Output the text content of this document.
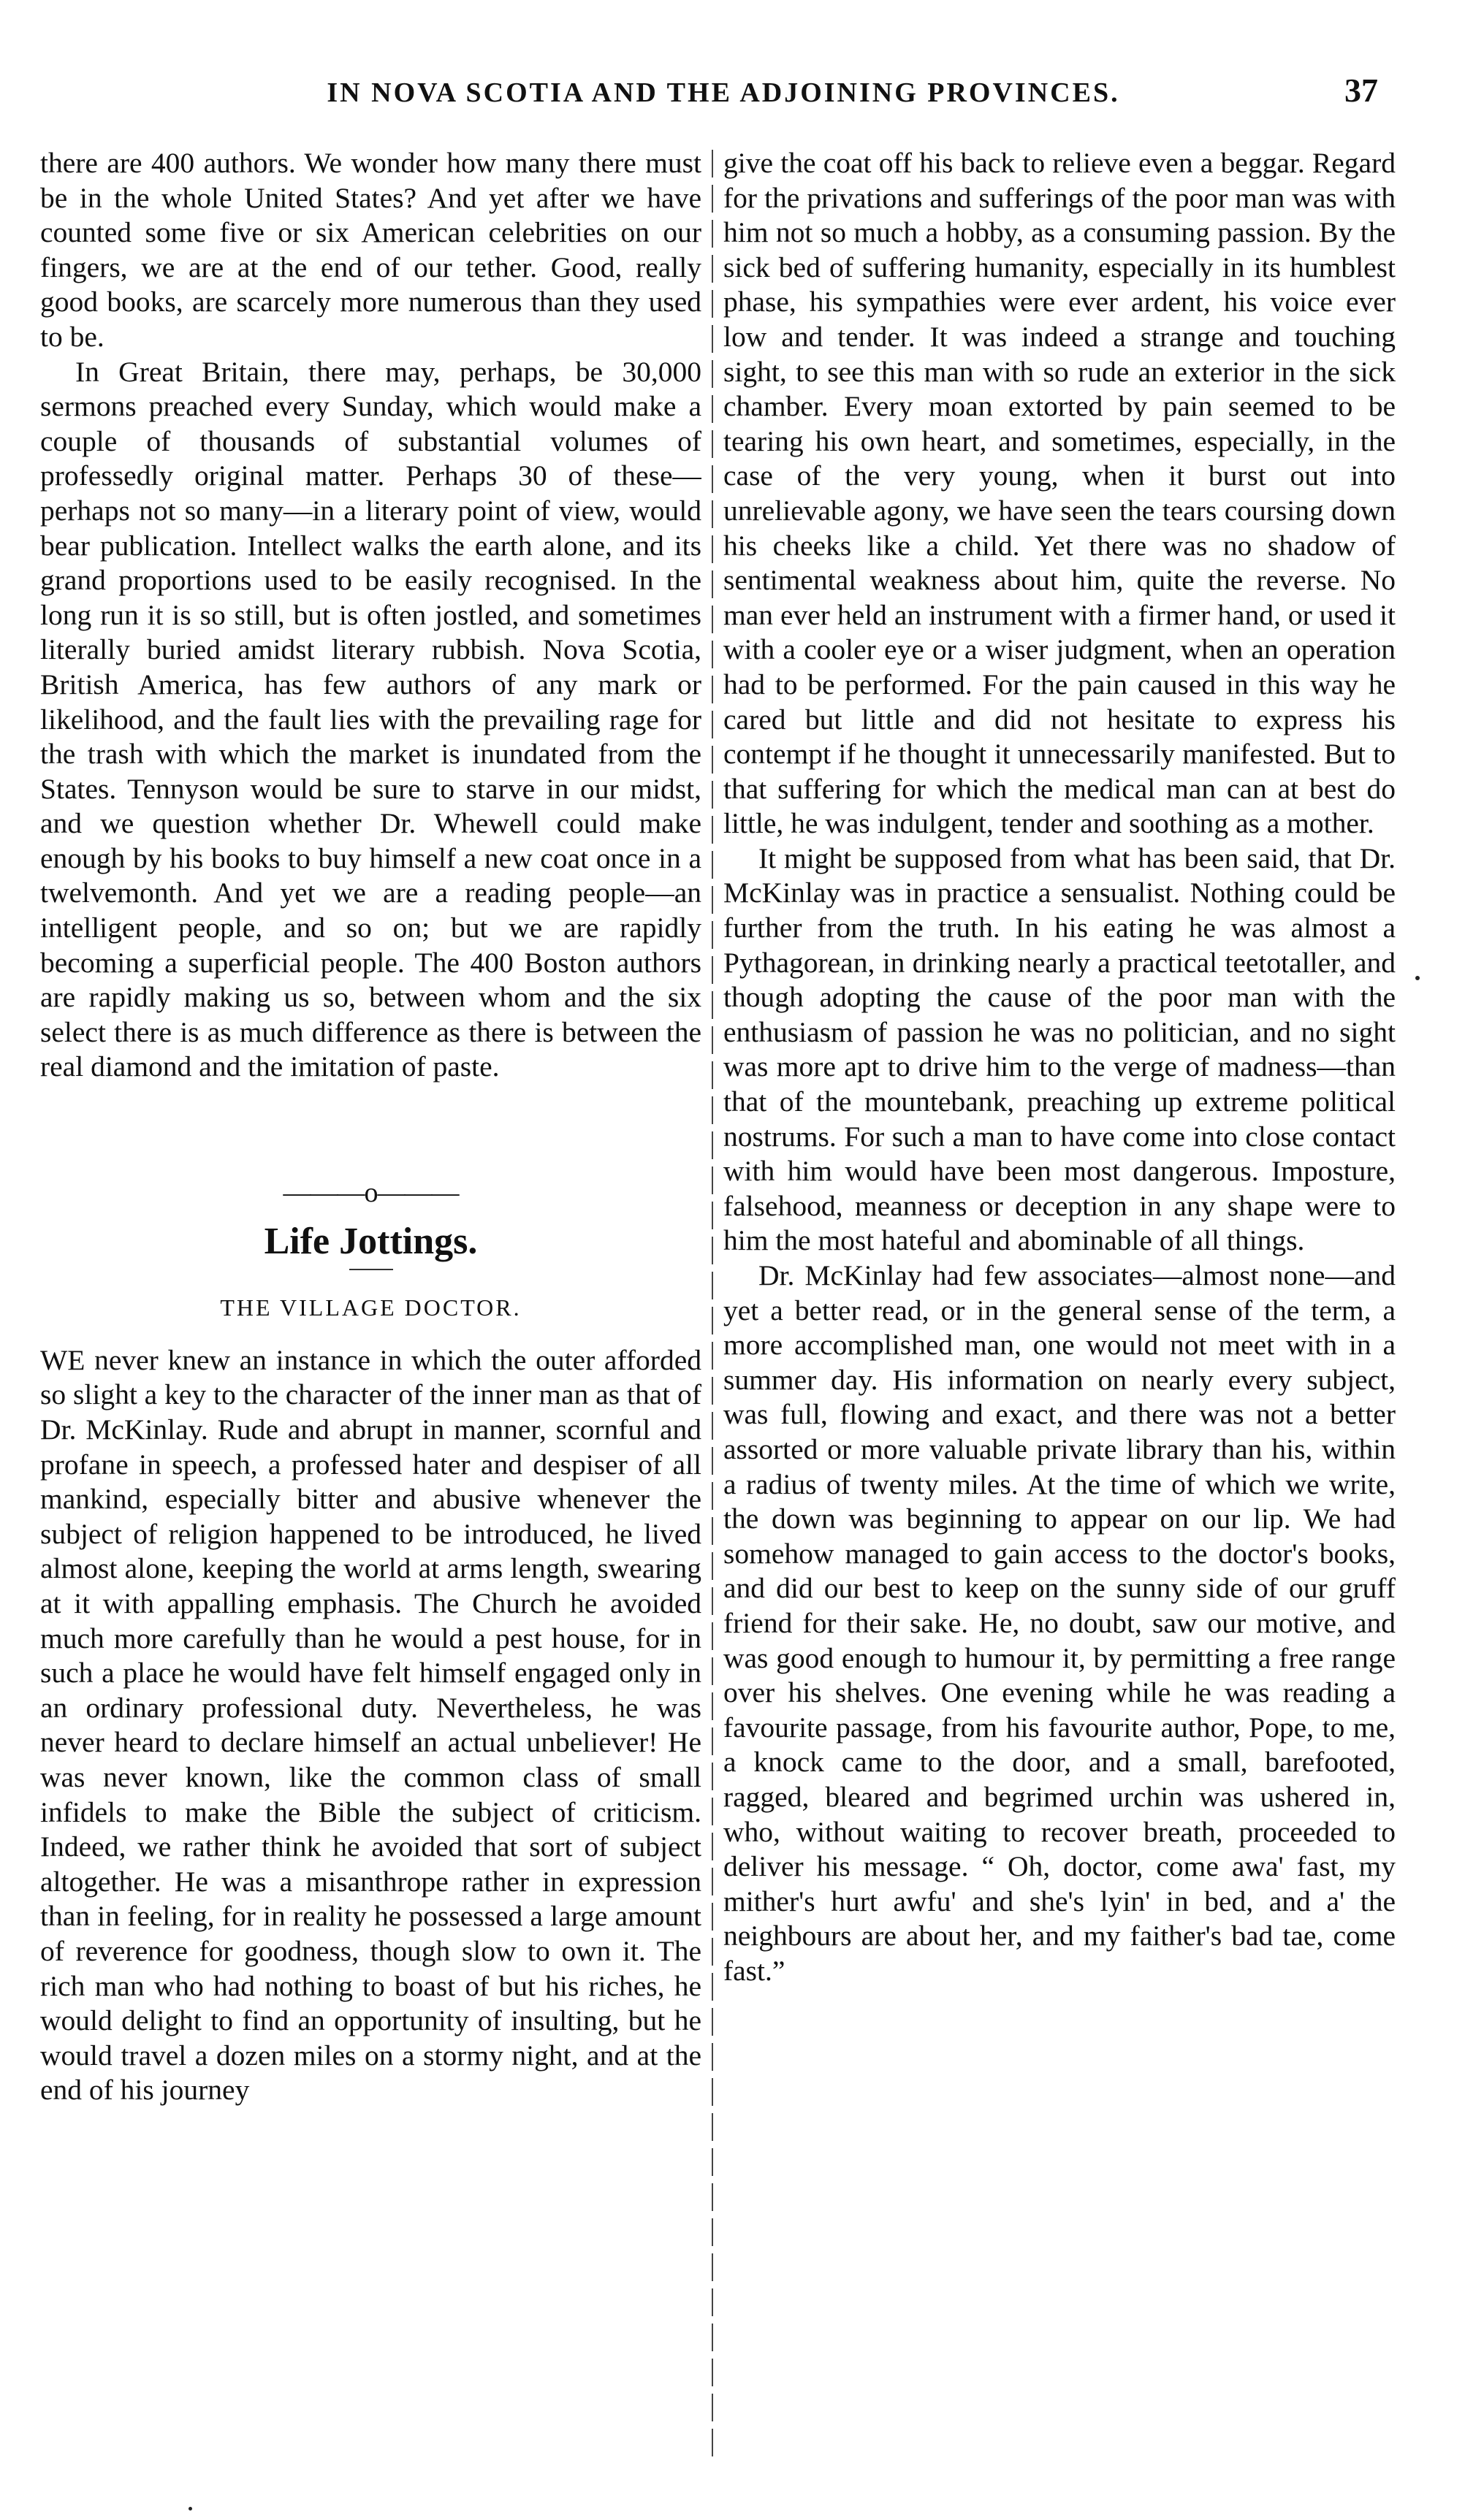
IN NOVA SCOTIA AND THE ADJOINING PROVINCES.	37

there are 400 authors. We wonder how many there must be in the whole United States? And yet after we have counted some five or six American celebrities on our fingers, we are at the end of our tether. Good, really good books, are scarcely more numerous than they used to be.

In Great Britain, there may, perhaps, be 30,000 sermons preached every Sunday, which would make a couple of thousands of substantial volumes of professedly original matter. Perhaps 30 of these—perhaps not so many—in a literary point of view, would bear publication. Intellect walks the earth alone, and its grand proportions used to be easily recognised. In the long run it is so still, but is often jostled, and sometimes literally buried amidst literary rubbish. Nova Scotia, British America, has few authors of any mark or likelihood, and the fault lies with the prevailing rage for the trash with which the market is inundated from the States. Tennyson would be sure to starve in our midst, and we question whether Dr. Whewell could make enough by his books to buy himself a new coat once in a twelvemonth. And yet we are a reading people—an intelligent people, and so on; but we are rapidly becoming a superficial people. The 400 Boston authors are rapidly making us so, between whom and the six select there is as much difference as there is between the real diamond and the imitation of paste.

———o———
Life Jottings.
THE VILLAGE DOCTOR.

WE never knew an instance in which the outer afforded so slight a key to the character of the inner man as that of Dr. McKinlay. Rude and abrupt in manner, scornful and profane in speech, a professed hater and despiser of all mankind, especially bitter and abusive whenever the subject of religion happened to be introduced, he lived almost alone, keeping the world at arms length, swearing at it with appalling emphasis. The Church he avoided much more carefully than he would a pest house, for in such a place he would have felt himself engaged only in an ordinary professional duty. Nevertheless, he was never heard to declare himself an actual unbeliever! He was never known, like the common class of small infidels to make the Bible the subject of criticism. Indeed, we rather think he avoided that sort of subject altogether. He was a misanthrope rather in expression than in feeling, for in reality he possessed a large amount of reverence for goodness, though slow to own it. The rich man who had nothing to boast of but his riches, he would delight to find an opportunity of insulting, but he would travel a dozen miles on a stormy night, and at the end of his journey

give the coat off his back to relieve even a beggar. Regard for the privations and sufferings of the poor man was with him not so much a hobby, as a consuming passion. By the sick bed of suffering humanity, especially in its humblest phase, his sympathies were ever ardent, his voice ever low and tender. It was indeed a strange and touching sight, to see this man with so rude an exterior in the sick chamber. Every moan extorted by pain seemed to be tearing his own heart, and sometimes, especially, in the case of the very young, when it burst out into unrelievable agony, we have seen the tears coursing down his cheeks like a child. Yet there was no shadow of sentimental weakness about him, quite the reverse. No man ever held an instrument with a firmer hand, or used it with a cooler eye or a wiser judgment, when an operation had to be performed. For the pain caused in this way he cared but little and did not hesitate to express his contempt if he thought it unnecessarily manifested. But to that suffering for which the medical man can at best do little, he was indulgent, tender and soothing as a mother.

It might be supposed from what has been said, that Dr. McKinlay was in practice a sensualist. Nothing could be further from the truth. In his eating he was almost a Pythagorean, in drinking nearly a practical teetotaller, and though adopting the cause of the poor man with the enthusiasm of passion he was no politician, and no sight was more apt to drive him to the verge of madness—than that of the mountebank, preaching up extreme political nostrums. For such a man to have come into close contact with him would have been most dangerous. Imposture, falsehood, meanness or deception in any shape were to him the most hateful and abominable of all things.

Dr. McKinlay had few associates—almost none—and yet a better read, or in the general sense of the term, a more accomplished man, one would not meet with in a summer day. His information on nearly every subject, was full, flowing and exact, and there was not a better assorted or more valuable private library than his, within a radius of twenty miles. At the time of which we write, the down was beginning to appear on our lip. We had somehow managed to gain access to the doctor's books, and did our best to keep on the sunny side of our gruff friend for their sake. He, no doubt, saw our motive, and was good enough to humour it, by permitting a free range over his shelves. One evening while he was reading a favourite passage, from his favourite author, Pope, to me, a knock came to the door, and a small, barefooted, ragged, bleared and begrimed urchin was ushered in, who, without waiting to recover breath, proceeded to deliver his message. “ Oh, doctor, come awa' fast, my mither's hurt awfu' and she's lyin' in bed, and a' the neighbours are about her, and my faither's bad tae, come fast.”
